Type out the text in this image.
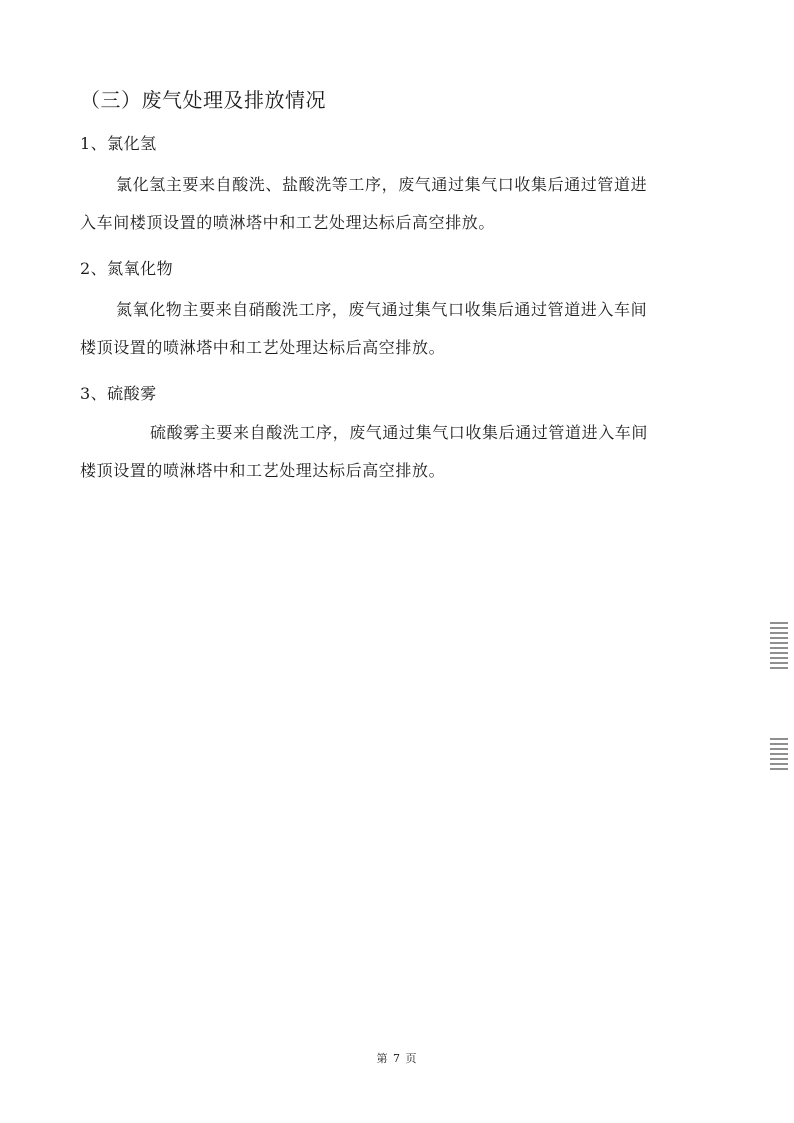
（三）废气处理及排放情况
1、氯化氢
氯化氢主要来自酸洗、盐酸洗等工序，废气通过集气口收集后通过管道进
入车间楼顶设置的喷淋塔中和工艺处理达标后高空排放。
2、氮氧化物
氮氧化物主要来自硝酸洗工序，废气通过集气口收集后通过管道进入车间
楼顶设置的喷淋塔中和工艺处理达标后高空排放。
3、硫酸雾
硫酸雾主要来自酸洗工序，废气通过集气口收集后通过管道进入车间
楼顶设置的喷淋塔中和工艺处理达标后高空排放。
第 7 页
